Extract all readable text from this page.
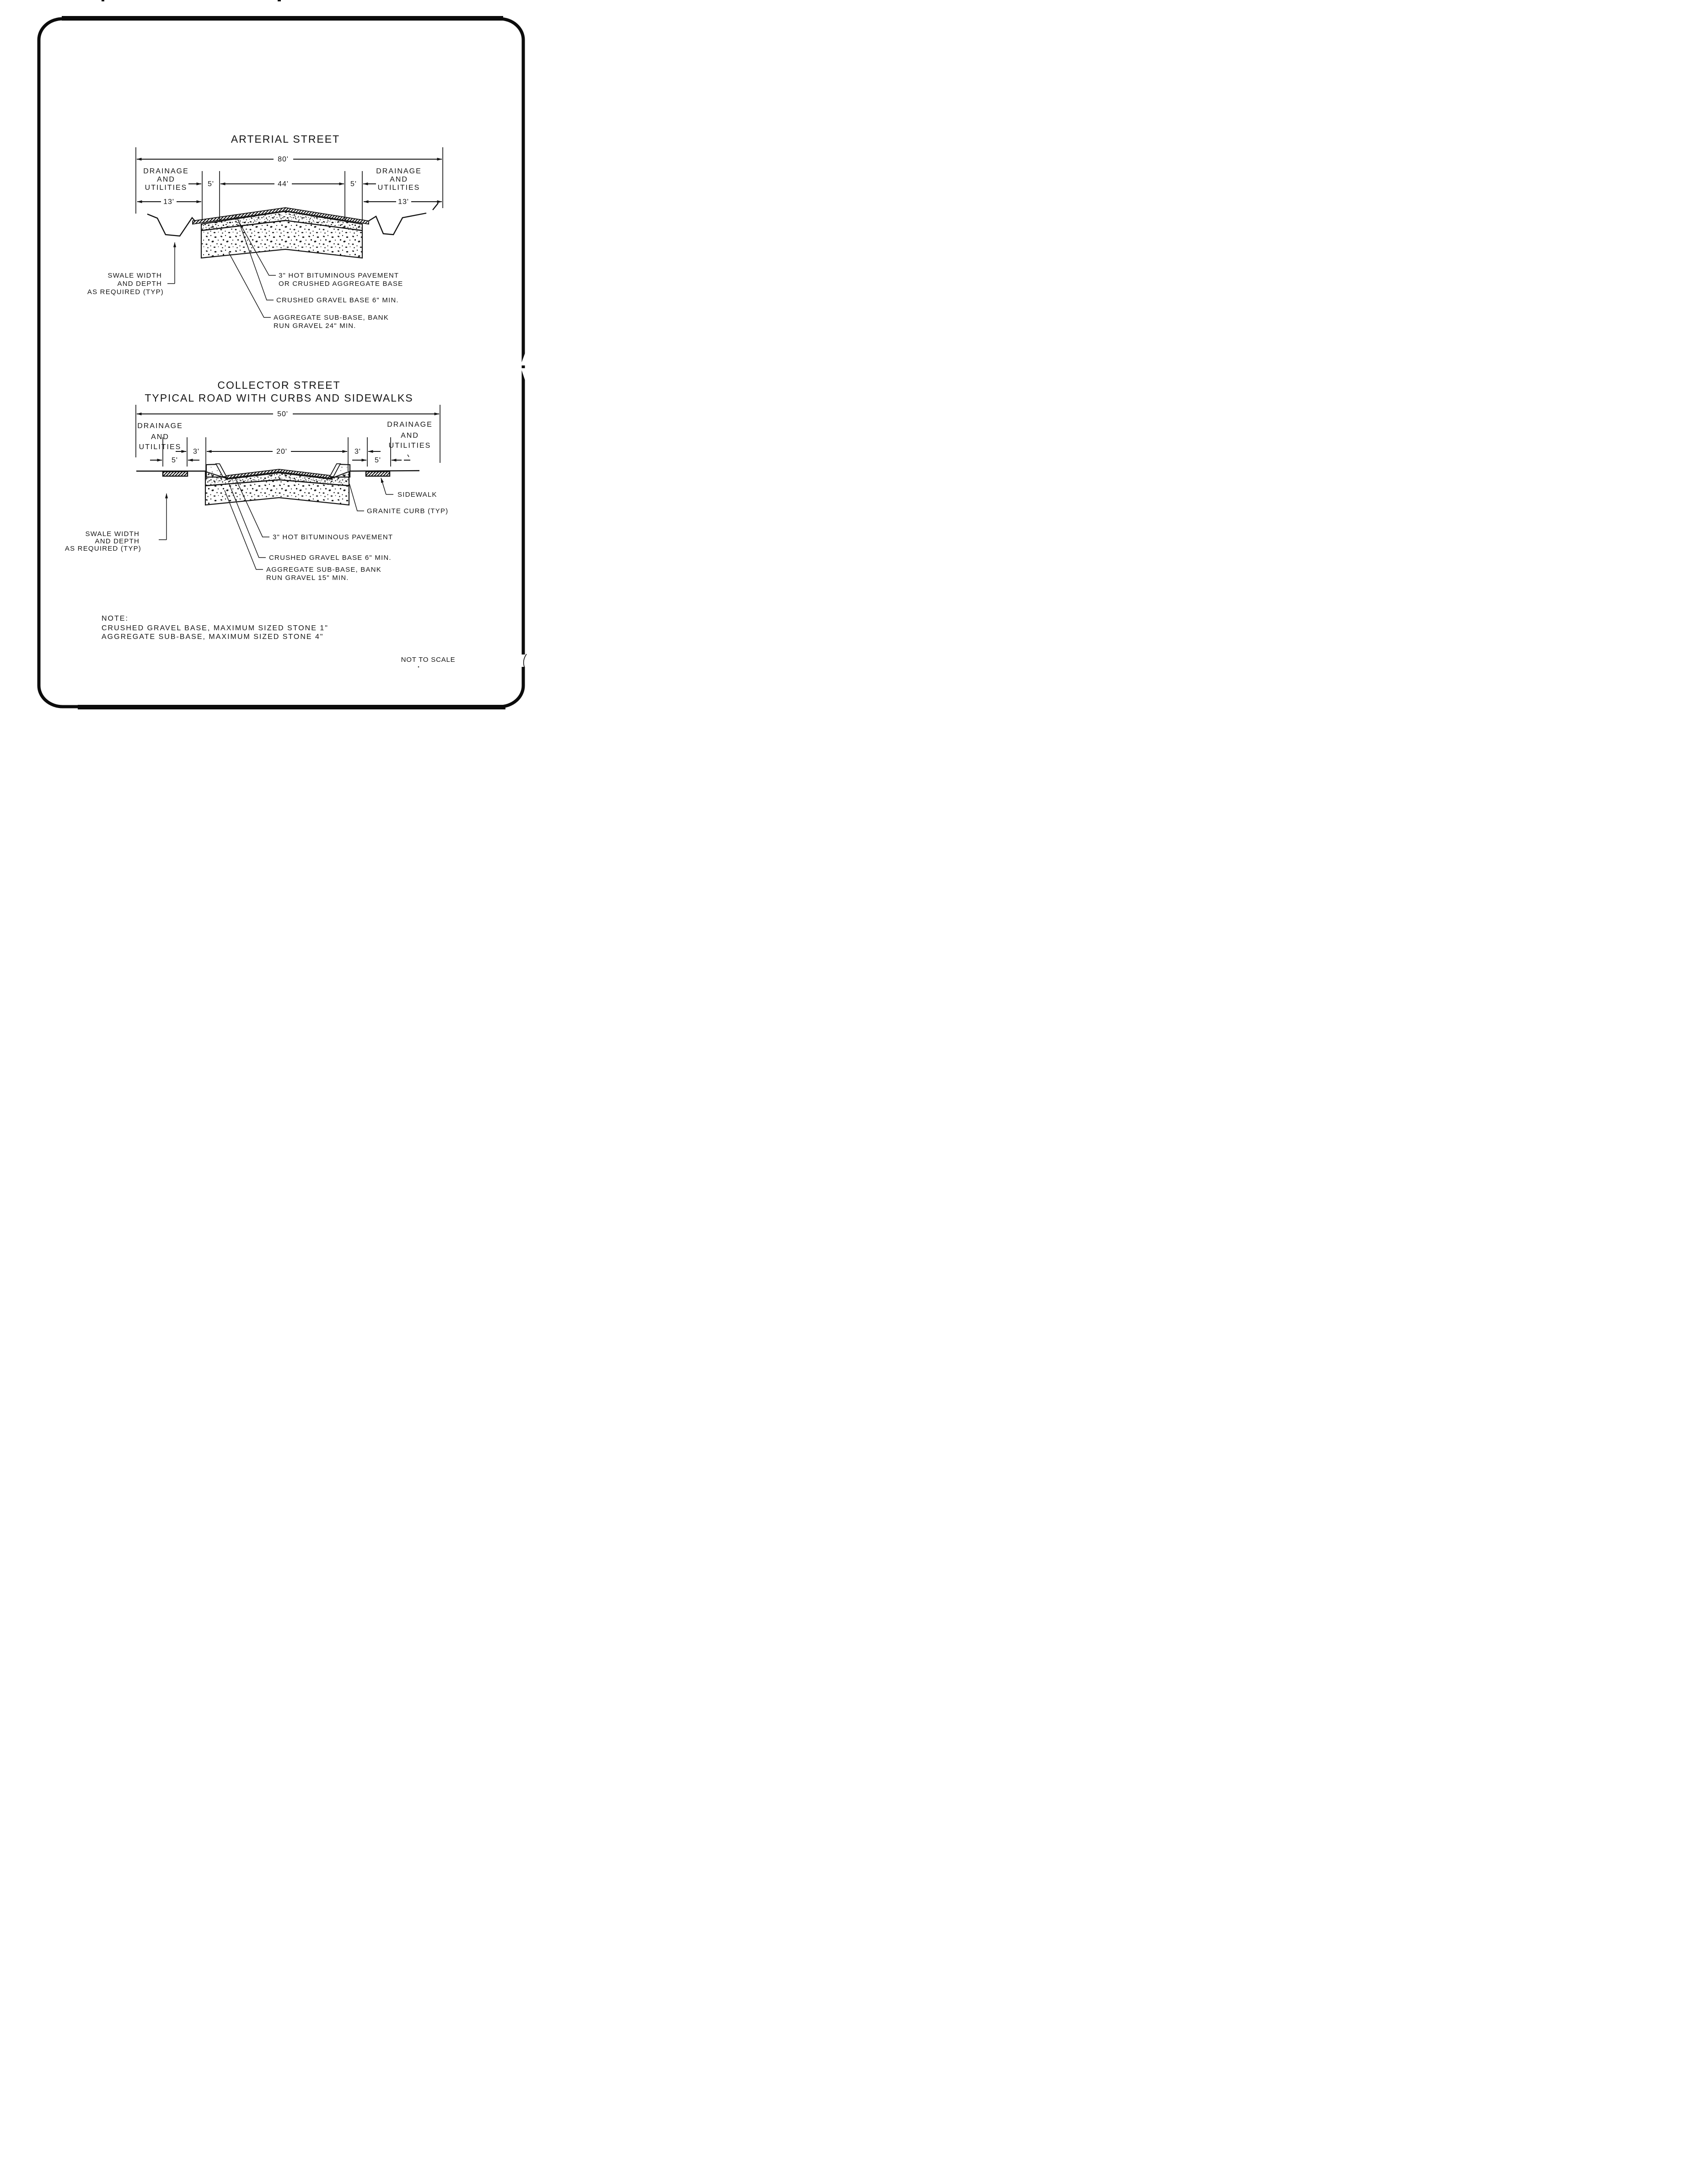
ARTERIAL STREET
80'
DRAINAGE
AND
UTILITIES
DRAINAGE
AND
UTILITIES
5'	44'	5'
13'	13'
SWALE WIDTH
AND DEPTH
AS REQUIRED (TYP)
3" HOT BITUMINOUS PAVEMENT
OR CRUSHED AGGREGATE BASE
CRUSHED GRAVEL BASE 6" MIN.
AGGREGATE SUB-BASE, BANK
RUN GRAVEL 24" MIN.
COLLECTOR STREET
TYPICAL ROAD WITH CURBS AND SIDEWALKS
50'
DRAINAGE
AND
UTILITIES
DRAINAGE
AND
UTILITIES
3'	20'	3'
5'	5'
SIDEWALK
GRANITE CURB (TYP)
SWALE WIDTH
AND DEPTH
AS REQUIRED (TYP)
3" HOT BITUMINOUS PAVEMENT
CRUSHED GRAVEL BASE 6" MIN.
AGGREGATE SUB-BASE, BANK
RUN GRAVEL 15" MIN.
NOTE:
CRUSHED GRAVEL BASE, MAXIMUM SIZED STONE 1"
AGGREGATE SUB-BASE, MAXIMUM SIZED STONE 4"
NOT TO SCALE
